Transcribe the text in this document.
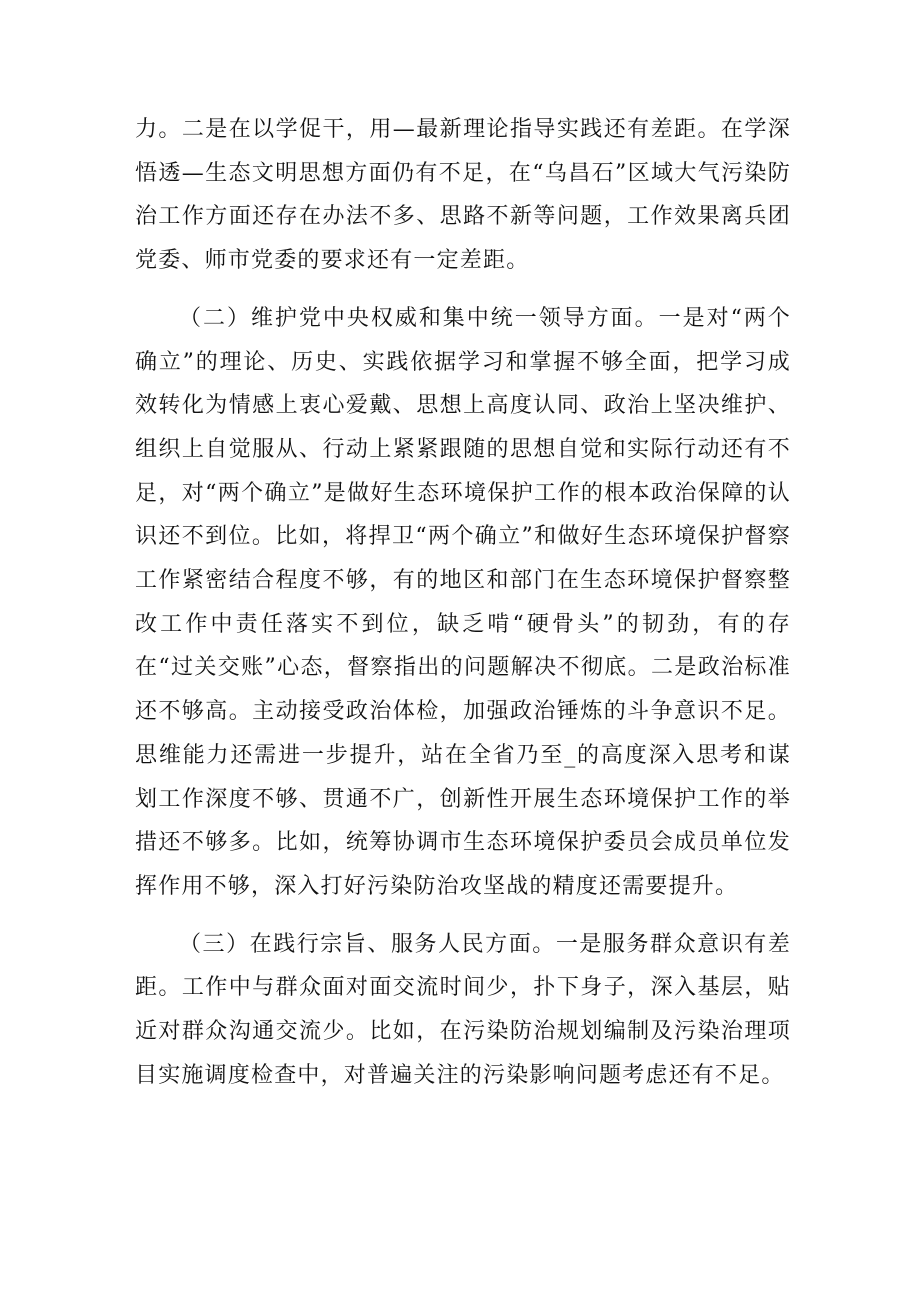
力。二是在以学促干，用—最新理论指导实践还有差距。在学深悟透—生态文明思想方面仍有不足，在“乌昌石”区域大气污染防治工作方面还存在办法不多、思路不新等问题，工作效果离兵团党委、师市党委的要求还有一定差距。

（二）维护党中央权威和集中统一领导方面。一是对“两个确立”的理论、历史、实践依据学习和掌握不够全面，把学习成效转化为情感上衷心爱戴、思想上高度认同、政治上坚决维护、组织上自觉服从、行动上紧紧跟随的思想自觉和实际行动还有不足，对“两个确立”是做好生态环境保护工作的根本政治保障的认识还不到位。比如，将捍卫“两个确立”和做好生态环境保护督察工作紧密结合程度不够，有的地区和部门在生态环境保护督察整改工作中责任落实不到位，缺乏啃“硬骨头”的韧劲，有的存在“过关交账”心态，督察指出的问题解决不彻底。二是政治标准还不够高。主动接受政治体检，加强政治锤炼的斗争意识不足。思维能力还需进一步提升，站在全省乃至_的高度深入思考和谋划工作深度不够、贯通不广，创新性开展生态环境保护工作的举措还不够多。比如，统筹协调市生态环境保护委员会成员单位发挥作用不够，深入打好污染防治攻坚战的精度还需要提升。

（三）在践行宗旨、服务人民方面。一是服务群众意识有差距。工作中与群众面对面交流时间少，扑下身子，深入基层，贴近对群众沟通交流少。比如，在污染防治规划编制及污染治理项目实施调度检查中，对普遍关注的污染影响问题考虑还有不足。
